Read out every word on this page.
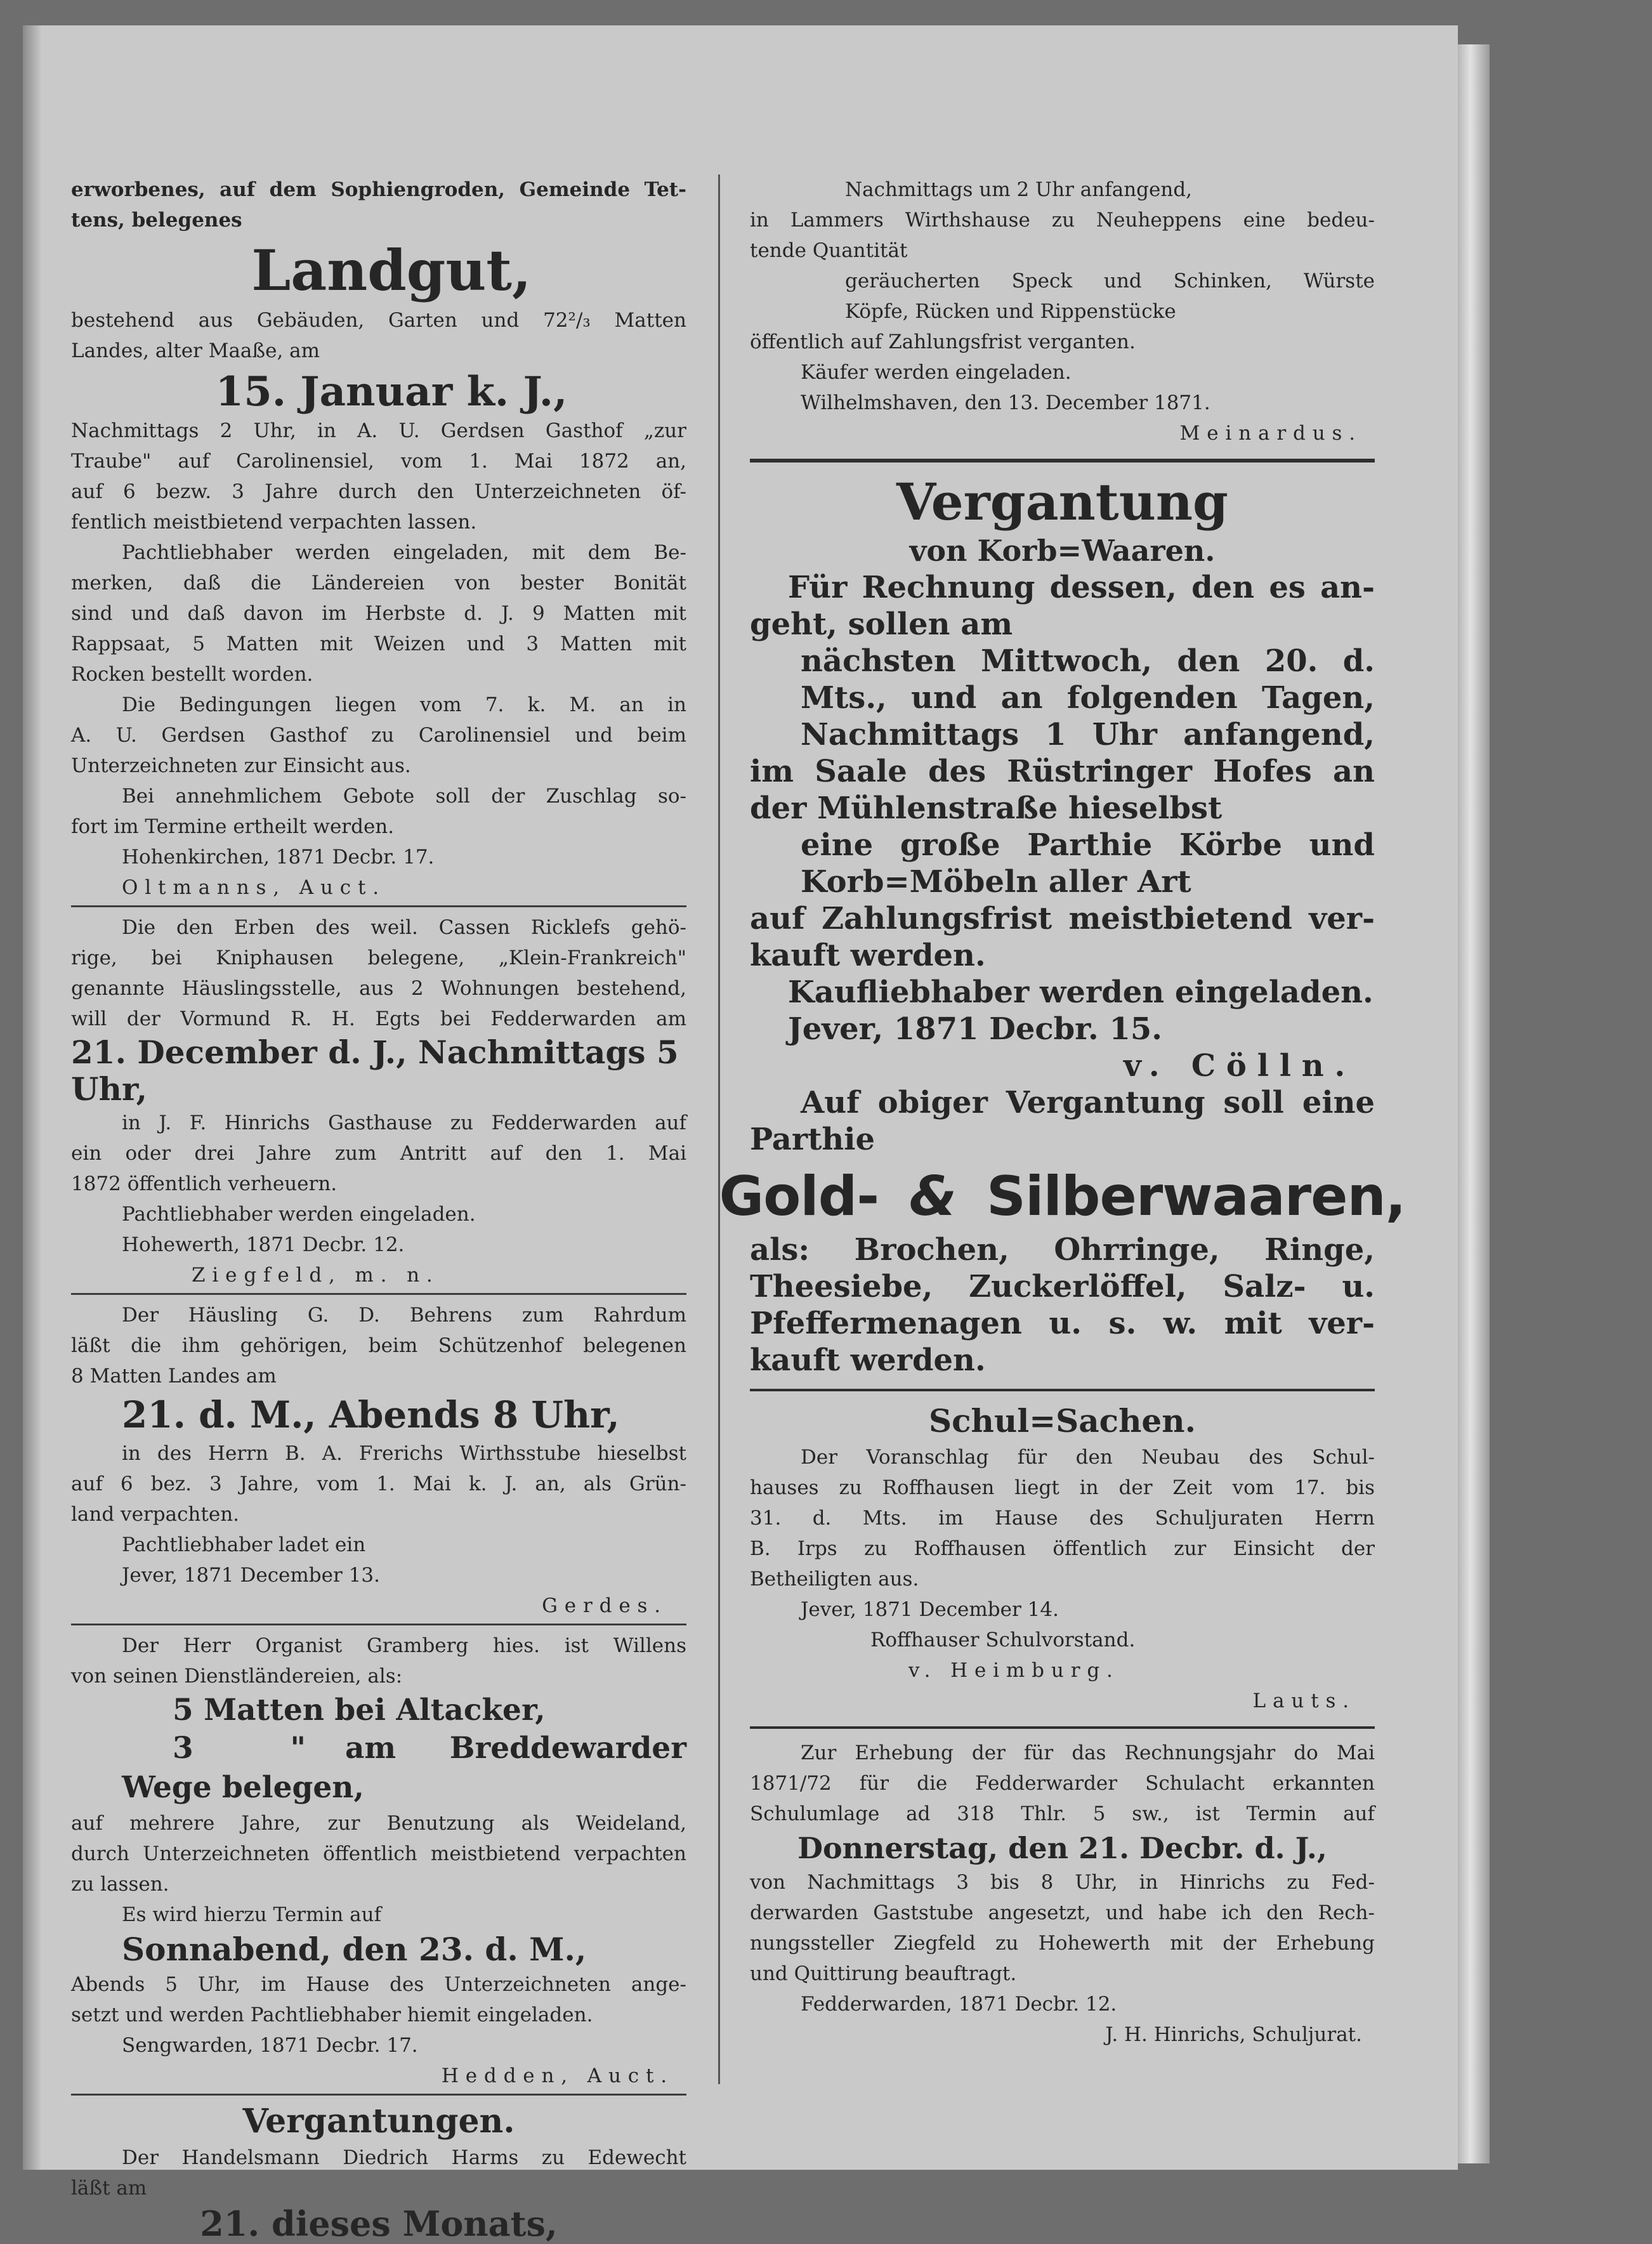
erworbenes, auf dem Sophiengroden, Gemeinde Tet-
tens, belegenes
Landgut,
bestehend aus Gebäuden, Garten und 72²/₃ Matten
Landes, alter Maaße, am
15. Januar k. J.,
Nachmittags 2 Uhr, in A. U. Gerdsen Gasthof „zur
Traube" auf Carolinensiel, vom 1. Mai 1872 an,
auf 6 bezw. 3 Jahre durch den Unterzeichneten öf-
fentlich meistbietend verpachten lassen.
Pachtliebhaber werden eingeladen, mit dem Be-
merken, daß die Ländereien von bester Bonität
sind und daß davon im Herbste d. J. 9 Matten mit
Rappsaat, 5 Matten mit Weizen und 3 Matten mit
Rocken bestellt worden.
Die Bedingungen liegen vom 7. k. M. an in
A. U. Gerdsen Gasthof zu Carolinensiel und beim
Unterzeichneten zur Einsicht aus.
Bei annehmlichem Gebote soll der Zuschlag so-
fort im Termine ertheilt werden.
Hohenkirchen, 1871 Decbr. 17.
Oltmanns, Auct.
Die den Erben des weil. Cassen Ricklefs gehö-
rige, bei Kniphausen belegene, „Klein-Frankreich"
genannte Häuslingsstelle, aus 2 Wohnungen bestehend,
will der Vormund R. H. Egts bei Fedderwarden am
21. December d. J., Nachmittags 5 Uhr,
in J. F. Hinrichs Gasthause zu Fedderwarden auf
ein oder drei Jahre zum Antritt auf den 1. Mai
1872 öffentlich verheuern.
Pachtliebhaber werden eingeladen.
Hohewerth, 1871 Decbr. 12.
Ziegfeld, m. n.
Der Häusling G. D. Behrens zum Rahrdum
läßt die ihm gehörigen, beim Schützenhof belegenen
8 Matten Landes am
21. d. M., Abends 8 Uhr,
in des Herrn B. A. Frerichs Wirthsstube hieselbst
auf 6 bez. 3 Jahre, vom 1. Mai k. J. an, als Grün-
land verpachten.
Pachtliebhaber ladet ein
Jever, 1871 December 13.
Gerdes.
Der Herr Organist Gramberg hies. ist Willens
von seinen Dienstländereien, als:
5 Matten bei Altacker,
3	"	am	Breddewarder
Wege belegen,
auf mehrere Jahre, zur Benutzung als Weideland,
durch Unterzeichneten öffentlich meistbietend verpachten
zu lassen.
Es wird hierzu Termin auf
Sonnabend, den 23. d. M.,
Abends 5 Uhr, im Hause des Unterzeichneten ange-
setzt und werden Pachtliebhaber hiemit eingeladen.
Sengwarden, 1871 Decbr. 17.
Hedden, Auct.
Vergantungen.
Der Handelsmann Diedrich Harms zu Edewecht
läßt am
21. dieses Monats,
Nachmittags um 2 Uhr anfangend,
in Lammers Wirthshause zu Neuheppens eine bedeu-
tende Quantität
geräucherten Speck und Schinken, Würste
Köpfe, Rücken und Rippenstücke
öffentlich auf Zahlungsfrist verganten.
Käufer werden eingeladen.
Wilhelmshaven, den 13. December 1871.
Meinardus.
Vergantung
von Korb=Waaren.
Für Rechnung dessen, den es an-
geht, sollen am
nächsten Mittwoch, den 20. d.
Mts., und an folgenden Tagen,
Nachmittags 1 Uhr anfangend,
im Saale des Rüstringer Hofes an
der Mühlenstraße hieselbst
eine große Parthie Körbe und
Korb=Möbeln aller Art
auf Zahlungsfrist meistbietend ver-
kauft werden.
Kaufliebhaber werden eingeladen.
Jever, 1871 Decbr. 15.
v. Cölln.
Auf obiger Vergantung soll eine
Parthie
Gold- & Silberwaaren,
als: Brochen, Ohrringe, Ringe,
Theesiebe, Zuckerlöffel, Salz- u.
Pfeffermenagen u. s. w. mit ver-
kauft werden.
Schul=Sachen.
Der Voranschlag für den Neubau des Schul-
hauses zu Roffhausen liegt in der Zeit vom 17. bis
31. d. Mts. im Hause des Schuljuraten Herrn
B. Irps zu Roffhausen öffentlich zur Einsicht der
Betheiligten aus.
Jever, 1871 December 14.
Roffhauser Schulvorstand.
v. Heimburg.
Lauts.
Zur Erhebung der für das Rechnungsjahr do Mai
1871/72 für die Fedderwarder Schulacht erkannten
Schulumlage ad 318 Thlr. 5 sw., ist Termin auf
Donnerstag, den 21. Decbr. d. J.,
von Nachmittags 3 bis 8 Uhr, in Hinrichs zu Fed-
derwarden Gaststube angesetzt, und habe ich den Rech-
nungssteller Ziegfeld zu Hohewerth mit der Erhebung
und Quittirung beauftragt.
Fedderwarden, 1871 Decbr. 12.
J. H. Hinrichs, Schuljurat.
